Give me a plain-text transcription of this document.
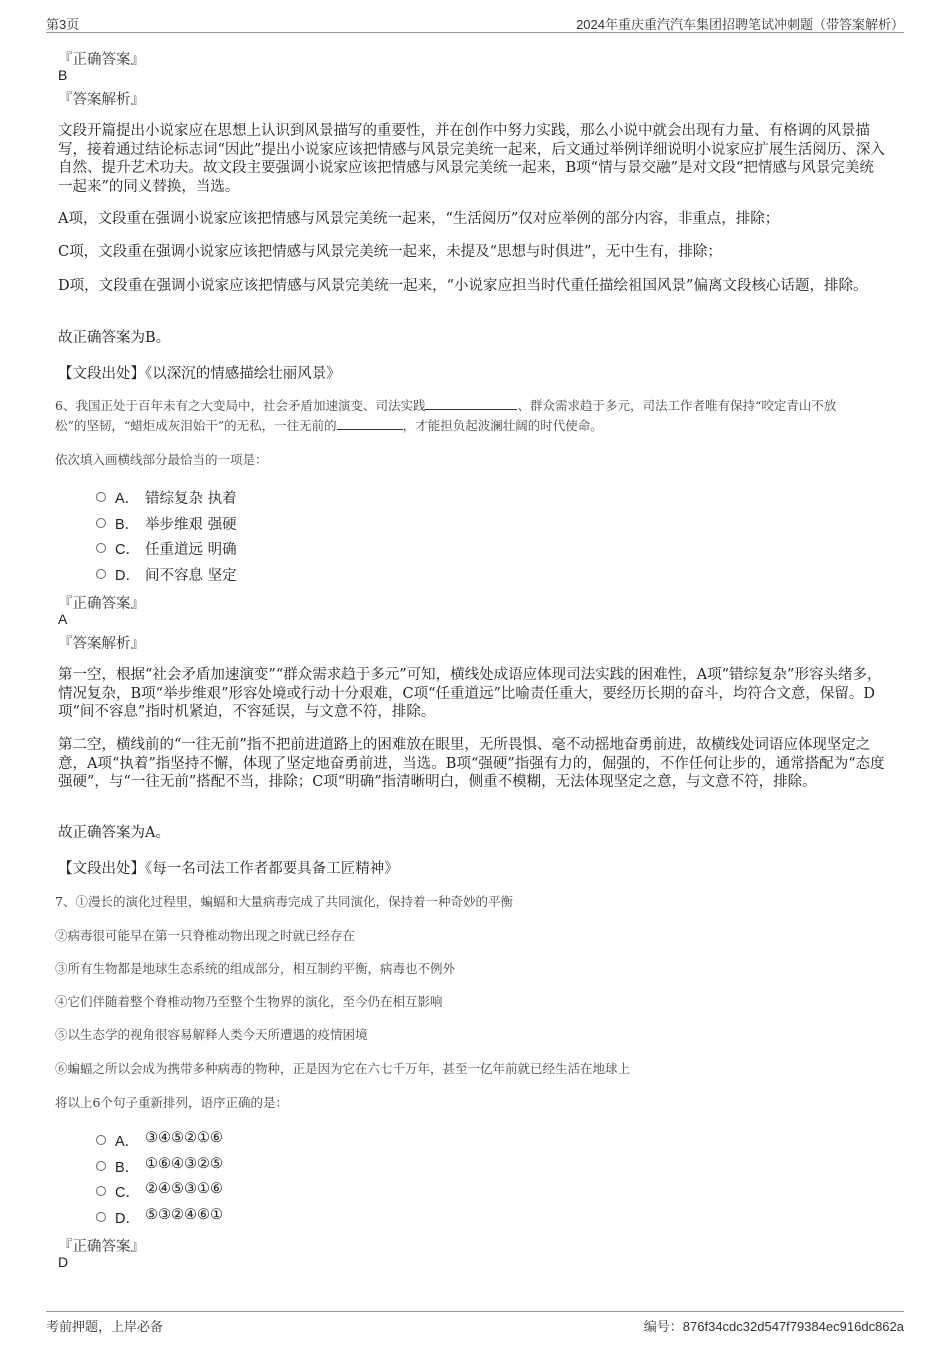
第3页	2024年重庆重汽汽车集团招聘笔试冲刺题（带答案解析）
『正确答案』
B
『答案解析』

文段开篇提出小说家应在思想上认识到风景描写的重要性，并在创作中努力实践，那么小说中就会出现有力量、有格调的风景描写，接着通过结论标志词“因此”提出小说家应该把情感与风景完美统一起来，后文通过举例详细说明小说家应扩展生活阅历、深入自然、提升艺术功夫。故文段主要强调小说家应该把情感与风景完美统一起来，B项“情与景交融”是对文段“把情感与风景完美统一起来”的同义替换，当选。

A项，文段重在强调小说家应该把情感与风景完美统一起来，“生活阅历”仅对应举例的部分内容，非重点，排除；

C项，文段重在强调小说家应该把情感与风景完美统一起来，未提及“思想与时俱进”，无中生有，排除；

D项，文段重在强调小说家应该把情感与风景完美统一起来，“小说家应担当时代重任描绘祖国风景”偏离文段核心话题，排除。

故正确答案为B。

【文段出处】《以深沉的情感描绘壮丽风景》
6、我国正处于百年未有之大变局中，社会矛盾加速演变、司法实践	、群众需求趋于多元，司法工作者唯有保持“咬定青山不放
松”的坚韧，“蜡炬成灰泪始干”的无私，一往无前的	，才能担负起波澜壮阔的时代使命。
依次填入画横线部分最恰当的一项是：
A． 错综复杂 执着
B． 举步维艰 强硬
C． 任重道远 明确
D． 间不容息 坚定
『正确答案』
A
『答案解析』

第一空，根据“社会矛盾加速演变”“群众需求趋于多元”可知，横线处成语应体现司法实践的困难性，A项“错综复杂”形容头绪多，情况复杂，B项“举步维艰”形容处境或行动十分艰难，C项“任重道远”比喻责任重大，要经历长期的奋斗，均符合文意，保留。D项“间不容息”指时机紧迫，不容延误，与文意不符，排除。

第二空，横线前的“一往无前”指不把前进道路上的困难放在眼里，无所畏惧、毫不动摇地奋勇前进，故横线处词语应体现坚定之意，A项“执着”指坚持不懈，体现了坚定地奋勇前进，当选。B项“强硬”指强有力的，倔强的，不作任何让步的，通常搭配为“态度强硬”，与“一往无前”搭配不当，排除；C项“明确”指清晰明白，侧重不模糊，无法体现坚定之意，与文意不符，排除。

故正确答案为A。

【文段出处】《每一名司法工作者都要具备工匠精神》
7、①漫长的演化过程里，蝙蝠和大量病毒完成了共同演化，保持着一种奇妙的平衡
②病毒很可能早在第一只脊椎动物出现之时就已经存在
③所有生物都是地球生态系统的组成部分，相互制约平衡，病毒也不例外
④它们伴随着整个脊椎动物乃至整个生物界的演化，至今仍在相互影响
⑤以生态学的视角很容易解释人类今天所遭遇的疫情困境
⑥蝙蝠之所以会成为携带多种病毒的物种，正是因为它在六七千万年，甚至一亿年前就已经生活在地球上
将以上6个句子重新排列，语序正确的是：
A． ③④⑤②①⑥
B． ①⑥④③②⑤
C． ②④⑤③①⑥
D． ⑤③②④⑥①
『正确答案』
D
考前押题，上岸必备	编号：876f34cdc32d547f79384ec916dc862a
